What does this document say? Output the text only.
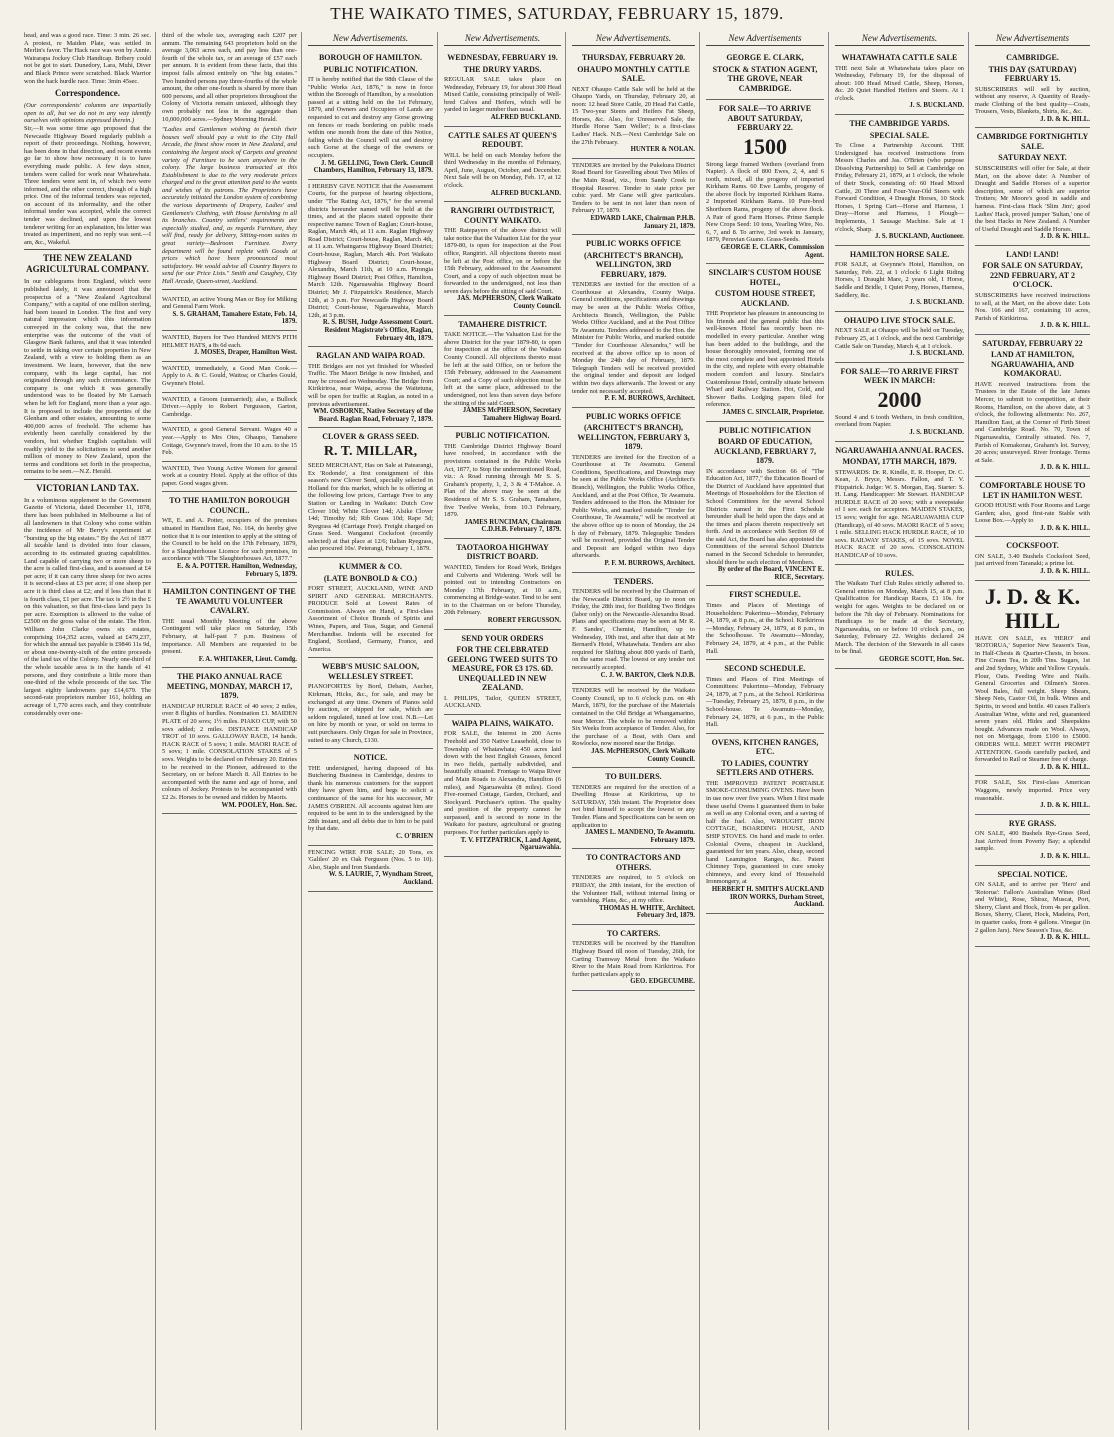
THE WAIKATO TIMES, SATURDAY, FEBRUARY 15, 1879.
head, and was a good race. Time: 3 min. 26 sec. A protest, re Maiden Plate, was settled in Merlin's favor. The Hack race was won by Annie. Wairarapa Jockey Club Handicap. Bribery could not be got to start. Dunedory, Lara, Muhi, Diver and Black Prince were scratched. Black Warrior won the hack hurdle race. Time: 3min 45sec.
Correspondence.
(Our correspondents' columns are impartially open to all, but we do not in any way identify ourselves with opinions expressed therein.)
Sir,—It was some time ago proposed that the Newcastle Highway Board regularly publish a report of their proceedings. Nothing, however, has been done in that direction, and recent events go far to show how necessary it is to have everything made public. A few days since, tenders were called for work near Whatawhata. Three tenders were sent in, of which two were informed, and the other correct, though of a high price. One of the informal tenders was rejected, on account of its informality, and the other informal tender was accepted, while the correct tender was declined, and upon the lowest tenderer writing for an explanation, his letter was treated as impertinent, and no reply was sent.—I am, &c., Wakeful.
THE NEW ZEALAND AGRICULTURAL COMPANY.
In our cablegrams from England, which were published lately, it was announced that the prospectus of a "New Zealand Agricultural Company," with a capital of one million sterling, had been issued in London. The first and very natural impression which this information conveyed in the colony was, that the new enterprise was the outcome of the visit of Glasgow Bank failures, and that it was intended to settle in taking over certain properties in New Zealand, with a view to holding them as an investment. We learn, however, that the new company, with its large capital, has not originated through any such circumstance. The company is one which it was generally understood was to be floated by Mr Larnach when he left for England, more than a year ago. It is proposed to include the properties of the Glenham and other estates, amounting to some 400,000 acres of freehold. The scheme has evidently been carefully considered by the vendors, but whether English capitalists will readily yield to the solicitations to send another million of money to New Zealand, upon the terms and conditions set forth in the prospectus, remains to be seen.—N.Z. Herald.
VICTORIAN LAND TAX.
In a voluminous supplement to the Government Gazette of Victoria, dated December 11, 1878, there has been published in Melbourne a list of all landowners in that Colony who come within the incidence of Mr Berry's experiment at "bursting up the big estates." By the Act of 1877 all taxable land is divided into four classes, according to its estimated grazing capabilities. Land capable of carrying two or more sheep to the acre is called first-class, and is assessed at £4 per acre; if it can carry three sheep for two acres it is second-class at £3 per acre; if one sheep per acre it is third class at £2; and if less than that it is fourth class, £1 per acre. The tax is 2½ in the £ on this valuation, so that first-class land pays 1s per acre. Exemption is allowed to the value of £2500 on the gross value of the estate. The Hon. William John Clarke owns six estates, comprising 164,352 acres, valued at £479,237, for which the annual tax payable is £9846 11s 9d, or about one-twenty-sixth of the entire proceeds of the land tax of the Colony. Nearly one-third of the whole taxable area is in the hands of 41 persons, and they contribute a little more than one-third of the whole proceeds of the tax. The largest eighty landowners pay £14,679. The second-rate proprietors number 161, holding an acreage of 1,770 acres each, and they contribute considerably over one-
third of the whole tax, averaging each £207 per annum. The remaining 643 proprietors hold on the average 3,063 acres each, and pay less than one-fourth of the whole tax, or an average of £57 each per annum. It is evident from these facts, that this impost falls almost entirely on "the big estates." Two hundred persons pay three-fourths of the whole amount, the other one-fourth is shared by more than 600 persons, and all other proprietors throughout the Colony of Victoria remain untaxed, although they own probably not less in the aggregate than 10,000,000 acres.—Sydney Morning Herald.
"Ladies and Gentlemen wishing to furnish their houses well should pay a visit to the City Hall Arcade, the finest show room in New Zealand, and containing the largest stock of Carpets and greatest variety of Furniture to be seen anywhere in the colony. The large business transacted at this Establishment is due to the very moderate prices charged and to the great attention paid to the wants and wishes of its patrons. The Proprietors have accurately initiated the London system of combining the various departments of Drapery, Ladies' and Gentlemen's Clothing, with House furnishing in all its branches. Country settlers' requirements are especially studied, and, as regards Furniture, they will find, ready for delivery, Sitting-room suites in great variety—Bedroom Furniture. Every department will be found replete with Goods at prices which have been pronounced most satisfactory. We would advise all Country Buyers to send for our Price Lists." Smith and Caughey, City Hall Arcade, Queen-street, Auckland.
WANTED, an active Young Man or Boy for Milking and General Farm Work.
S. S. GRAHAM, Tamahere Estate, Feb. 14, 1879.
WANTED, Buyers for Two Hundred MEN'S PITH HELMET HATS, a 8s 6d each.
J. MOSES, Draper, Hamilton West.
WANTED, immediately, a Good Man Cook.—Apply to A. & C. Gould, Waitoa; or Charles Gould, Gwynne's Hotel.
WANTED, a Groom (unmarried); also, a Bullock Driver.—Apply to Robert Fergusson, Garton, Cambridge.
WANTED, a good General Servant. Wages 40 a year.—Apply to Mrs Otes, Ohaupo, Tamahere Cottage, Gwynne's travel, from the 10 a.m. to the 15 Feb.
WANTED, Two Young Active Women for general work at a country Hotel. Apply at the office of this paper. Good wages given.
TO THE HAMILTON BOROUGH COUNCIL.
WE, E. and A. Potter, occupiers of the premises situated in Hamilton East, No. 164, do hereby give notice that it is our intention to apply at the sitting of the Council to be held on the 17th February, 1879, for a Slaughterhouse Licence for such premises, in accordance with "The Slaughterhouses Act, 1877."
E. & A. POTTER. Hamilton, Wednesday, February 5, 1879.
HAMILTON CONTINGENT OF THE TE AWAMUTU VOLUNTEER CAVALRY.
THE usual Monthly Meeting of the above Contingent will take place on Saturday, 15th February, at half-past 7 p.m. Business of importance. All Members are requested to be present.
F. A. WHITAKER, Lieut. Comdg.
THE PIAKO ANNUAL RACE MEETING, MONDAY, MARCH 17, 1879.
HANDICAP HURDLE RACE of 40 sovs; 2 miles, over 8 flights of hurdles. Nomination £1. MAIDEN PLATE of 20 sovs; 1½ miles. PIAKO CUP, with 50 sovs added; 2 miles. DISTANCE HANDICAP TROT of 10 sovs. GALLOWAY RACE, 14 hands. HACK RACE of 5 sovs; 1 mile. MAORI RACE of 5 sovs; 1 mile. CONSOLATION STAKES of 5 sovs. Weights to be declared on February 20. Entries to be received in the Pioneer, addressed to the Secretary, on or before March 8. All Entries to be accompanied with the name and age of horse, and colours of Jockey. Protests to be accompanied with £2 2s. Horses to be owned and ridden by Maoris.
WM. POOLEY, Hon. Sec.
New Advertisements.
BOROUGH OF HAMILTON.
PUBLIC NOTIFICATION.
IT is hereby notified that the 98th Clause of the "Public Works Act, 1876," is now in force within the Borough of Hamilton, by a resolution passed at a sitting held on the 1st February, 1879, and Owners and Occupiers of Lands are requested to cut and destroy any Gorse growing on fences or roads bordering on public roads within one month from the date of this Notice, failing which the Council will cut and destroy such Gorse at the charge of the owners or occupiers.
J. M. GELLING, Town Clerk. Council Chambers, Hamilton, February 13, 1879.
I HEREBY GIVE NOTICE that the Assessment Courts, for the purpose of hearing objections, under "The Rating Act, 1876," for the several districts hereunder named will be held at the times, and at the places stated opposite their respective names: Town of Raglan; Court-house, Raglan, March 4th, at 11 a.m. Raglan Highway Road District; Court-house, Raglan, March 4th, at 11 a.m. Whaingaroa Highway Board District; Court-house, Raglan, March 4th. Port Waikato Highway Board District; Court-house, Alexandra, March 11th, at 10 a.m. Pirongia Highway Board District; Post Office, Hamilton, March 12th. Ngaruawahia Highway Board District; Mr J. Fitzpatrick's Residence, March 12th, at 3 p.m. For Newcastle Highway Board District; Court-house, Ngaruawahia, March 12th, at 3 p.m.
R. S. BUSH, Judge Assessment Court. Resident Magistrate's Office, Raglan, February 4th, 1879.
RAGLAN AND WAIPA ROAD.
THE Bridges are not yet finished for Wheeled Traffic. The Maori Bridge is now finished, and may be crossed on Wednesday. The Bridge from Kirikiriroa, near Waipa, across the Waitetuna, will be open for traffic at Raglan, as noted in a previous advertisement.
WM. OSBORNE, Native Secretary of the Board. Raglan Road, February 7, 1879.
CLOVER & GRASS SEED.
R. T. MILLAR,
SEED MERCHANT, Has on Sale at Patearangi, Ex 'Rodondo', a first consignment of this season's new Clover Seed, specially selected in Holland for this market, which he is offering at the following low prices, Carriage Free to any Station or Landing in Waikato: Dutch Cow Clover 10d; White Clover 14d; Alsike Clover 14d; Timothy 6d; Rib Grass 10d; Rape 5d; Ryegrass 4d (Carriage Free). Freight charged on Grass Seed. Wanganui Cocksfoot (recently selected) at that place at 12/6; Italian Ryegrass, also procured 10s/. Peterangi, February 1, 1879.
KUMMER & CO.
(LATE BONBOLD & CO.)
FORT STREET, AUCKLAND, WINE AND SPIRIT AND GENERAL MERCHANTS. PRODUCE Sold at Lowest Rates of Commission. Always on Hand, a First-class Assortment of Choice Brands of Spirits and Wines, Papers, and Teas, Sugar, and General Merchandise. Indents will be executed for England, Scotland, Germany, France, and America.
WEBB'S MUSIC SALOON, WELLESLEY STREET.
PIANOFORTES by Bord, Debain, Aucher, Kirkman, Hicks, &c., for sale, and may be exchanged at any time. Owners of Pianos sold by auction, or shipped for sale, which are seldom regulated, tuned at low cost. N.B.—Let on hire by month or year, or sold on terms to suit purchasers. Only Organ for sale in Province, suited to any Church, £130.
NOTICE.
THE undersigned, having disposed of his Butchering Business in Cambridge, desires to thank his numerous customers for the support they have given him, and begs to solicit a continuance of the same for his successor, Mr JAMES O'BRIEN. All accounts against him are required to be sent in to the undersigned by the 28th instant, and all debts due to him to be paid by that date.
C. O'BRIEN
FENCING WIRE FOR SALE; 20 Tons, ex 'Galileo' 20 ex Oak Ferguson (Nos. 5 to 10). Also, Staple and Iron Standards.
W. S. LAURIE, 7, Wyndham Street, Auckland.
New Advertisements.
WEDNESDAY, FEBRUARY 19.
THE DRURY YARDS.
REGULAR SALE takes place on Wednesday, February 19, for about 300 Head Mixed Cattle, consisting principally of Well-bred Calves and Heifers, which will be yarded in larger number than usual.
ALFRED BUCKLAND.
CATTLE SALES AT QUEEN'S REDOUBT.
WILL be held on each Monday before the third Wednesday in the months of February, April, June, August, October, and December. Next Sale will be on Monday, Feb. 17, at 12 o'clock.
ALFRED BUCKLAND.
RANGIRIRI OUTDISTRICT, COUNTY WAIKATO.
THE Ratepayers of the above district will take notice that the Valuation List for the year 1879-80, is open for inspection at the Post office, Rangiriri. All objections thereto must be left at the Post office, on or before the 15th February, addressed to the Assessment Court, and a copy of such objection must be forwarded to the undersigned, not less than seven days before the sitting of said Court.
JAS. McPHERSON, Clerk Waikato County Council.
TAMAHERE DISTRICT.
TAKE NOTICE.—The Valuation List for the above District for the year 1879-80, is open for inspection at the office of the Waikato County Council. All objections thereto must be left at the said Office, on or before the 15th February, addressed to the Assessment Court; and a Copy of such objection must be left at the same place, addressed to the undersigned, not less than seven days before the sitting of the said Court.
JAMES McPHERSON, Secretary Tamahere Highway Board.
PUBLIC NOTIFICATION.
THE Cambridge District Highway Board have resolved, in accordance with the provisions contained in the Public Works Act, 1877, to Stop the undermentioned Road, viz.: A Road running through Mr S. S. Graham's property, 1, 2, 3 & 4 T-Mahoe. A Plan of the above may be seen at the Residence of Mr S. S. Graham, Tamahere, five Twelve Weeks, from 10.3 February, 1879.
JAMES RUNCIMAN, Chairman C.D.H.B. February 7, 1879.
TAOTAOROA HIGHWAY DISTRICT BOARD.
WANTED, Tenders for Road Work, Bridges and Culverts and Widening. Work will be pointed out to intending Contractors on Monday 17th February, at 10 a.m., commencing at Bridge-water. Tend to be sent in to the Chairman on or before Thursday, 20th February.
ROBERT FERGUSSON.
SEND YOUR ORDERS
FOR THE CELEBRATED GEELONG TWEED SUITS TO MEASURE, FOR £3 17S. 6D. UNEQUALLED IN NEW ZEALAND.
I. PHILIPS, Tailor, QUEEN STREET, AUCKLAND.
WAIPA PLAINS, WAIKATO.
FOR SALE, the Interest in 200 Acres Freehold and 350 Native Leasehold, close to Township of Whatawhata; 450 acres laid down with the best English Grasses, fenced in two fields, partially subdivided, and beautifully situated. Frontage to Waipa River and Main Roads to Alexandra, Hamilton (6 miles), and Ngaruawahia (8 miles). Good Five-roomed Cottage, Garden, Orchard, and Stockyard. Purchaser's option. The quality and position of the property cannot be surpassed, and is second to none in the Waikato for pasture, agricultural or grazing purposes. For further particulars apply to
T. V. FITZPATRICK, Land Agent, Ngaruawahia.
New Advertisements.
THURSDAY, FEBRUARY 20.
OHAUPO MONTHLY CATTLE SALE.
NEXT Ohaupo Cattle Sale will be held at the Ohaupo Yards, on Thursday, February 20, at noon: 12 head Store Cattle, 20 Head Fat Cattle, 15 Two-year Steers and Heifers Fat Sheep, Horses, &c. Also, for Unreserved Sale, the Hurdle Horse 'Sam Weller'; is a first-class Ladies' Hack. N.B.—Next Cambridge Sale on the 27th February.
HUNTER & NOLAN.
TENDERS are invited by the Pukekura District Road Board for Gravelling about Two Miles of the Main Road, viz., from Sandy Creek to Hospital Reserve. Tender to state price per cubic yard. Mr Gane will give particulars. Tenders to be sent in not later than noon of February 17, 1879.
EDWARD LAKE, Chairman P.H.B. January 21, 1879.
PUBLIC WORKS OFFICE
(ARCHITECT'S BRANCH), WELLINGTON, 3RD FEBRUARY, 1879.
TENDERS are invited for the erection of a Courthouse at Alexandra, County Waipa. General conditions, specifications and drawings may be seen at the Public Works Office, Architects Branch, Wellington, the Public Works Office Auckland, and at the Post Office Te Awamutu. Tenders addressed to the Hon. the Minister for Public Works, and marked outside "Tender for Courthouse Alexandra," will be received at the above office up to noon of Monday the 24th day of February, 1879. Telegraph Tenders will be received provided the original tender and deposit are lodged within two days afterwards. The lowest or any tender not necessarily accepted.
P. F. M. BURROWS, Architect.
PUBLIC WORKS OFFICE
(ARCHITECT'S BRANCH), WELLINGTON, FEBRUARY 3, 1879.
TENDERS are invited for the Erection of a Courthouse at Te Awamutu. General Conditions, Specifications, and Drawings may be seen at the Public Works Office (Architect's Branch), Wellington, the Public Works Office, Auckland, and at the Post Office, Te Awamutu. Tenders addressed to the Hon. the Minister for Public Works, and marked outside "Tender for Courthouse, Te Awamutu," will be received at the above office up to noon of Monday, the 24 h day of February, 1879. Telegraphic Tenders will be received, provided the Original Tender and Deposit are lodged within two days afterwards.
P. F. M. BURROWS, Architect.
TENDERS.
TENDERS will be received by the Chairman of the Newcastle District Board, up to noon on Friday, the 28th inst, for Building Two Bridges (labor only) on the Newcastle-Alexandra Road. Plans and specifications may be seen at Mr R. F. Sandes', Chemist, Hamilton, up to Wednesday, 19th inst, and after that date at Mr Bernard's Hotel, Whatawhata. Tenders are also required for Shifting about 800 yards of Earth, on the same road. The lowest or any tender not necessarily accepted.
C. J. W. BARTON, Clerk N.D.B.
TENDERS will be received by the Waikato County Council, up to 6 o'clock p.m. on 4th March, 1879, for the purchase of the Materials contained in the Old Bridge at Whangamarino, near Mercer. The whole to be removed within Six Weeks from acceptance of Tender. Also, for the purchase of a Boat, with Oars and Rowlocks, now moored near the Bridge.
JAS. McPHERSON, Clerk Waikato County Council.
TO BUILDERS.
TENDERS are required for the erection of a Dwelling House at Kirikiriroa, up to SATURDAY, 15th instant. The Proprietor does not bind himself to accept the lowest or any Tender. Plans and Specifications can be seen on application to
JAMES L. MANDENO, Te Awamutu. February 1879.
TO CONTRACTORS AND OTHERS.
TENDERS are required, to 5 o'clock on FRIDAY, the 28th instant, for the erection of the Volunteer Hall, without internal lining or varnishing. Plans, &c., at my office.
THOMAS H. WHITE, Architect. February 3rd, 1879.
TO CARTERS.
TENDERS will be received by the Hamilton Highway Board till noon of Tuesday, 26th, for Carting Tramway Metal from the Waikato River to the Main Road from Kirikiriroa. For further particulars apply to
GEO. EDGECUMBE.
New Advertisements
GEORGE E. CLARK,
STOCK & STATION AGENT, THE GROVE, NEAR CAMBRIDGE.
FOR SALE—TO ARRIVE ABOUT SATURDAY, FEBRUARY 22.
1500
Strong large framed Wethers (overland from Napier). A flock of 800 Ewes, 2, 4, and 6 tooth, mixed, all the progeny of imported Kirkham Rams. 60 Ewe Lambs, progeny of the above flock by imported Kirkham Rams. 2 Imported Kirkham Rams. 10 Pure-bred Shorthorn Rams, progeny of the above flock. A Pair of good Farm Horses. Prime Sample New Crops Seed: 10 tons, Yearling Wire, No. 6, 7, and 8. To arrive, 3rd week in January, 1879, Peruvian Guano. Grass-Seeds.
GEORGE E. CLARK, Commission Agent.
SINCLAIR'S CUSTOM HOUSE HOTEL,
CUSTOM HOUSE STREET, AUCKLAND.
THE Proprietor has pleasure in announcing to his friends and the general public that this well-known Hotel has recently been re-modelled in every particular. Another wing has been added to the buildings, and the house thoroughly renovated, forming one of the most complete and best appointed Hotels in the city, and replete with every obtainable modern comfort and luxury. Sinclair's Customhouse Hotel, centrally situate between Wharf and Railway Station. Hot, Cold, and Shower Baths. Lodging papers filed for reference.
JAMES C. SINCLAIR, Proprietor.
PUBLIC NOTIFICATION
BOARD OF EDUCATION, AUCKLAND, FEBRUARY 7, 1879.
IN accordance with Section 66 of "The Education Act, 1877," the Education Board of the District of Auckland have appointed that Meetings of Householders for the Election of School Committees for the several School Districts named in the First Schedule hereunder shall be held upon the days and at the times and places therein respectively set forth. And in accordance with Section 69 of the said Act, the Board has also appointed the Committees of the several School Districts named in the Second Schedule to hereunder, should there be such election of Members.
By order of the Board, VINCENT E. RICE, Secretary.
FIRST SCHEDULE.
Times and Places of Meetings of Householders: Pukerimu—Monday, February 24, 1879, at 8 p.m., at the School. Kirikiriroa—Monday, February 24, 1879, at 8 p.m., in the Schoolhouse. Te Awamutu—Monday, February 24, 1879, at 4 p.m., at the Public Hall.
SECOND SCHEDULE.
Times and Places of First Meetings of Committees: Pukerimu—Monday, February 24, 1879, at 7 p.m., at the School. Kirikiriroa—Tuesday, February 25, 1879, 8 p.m., in the School-house. Te Awamutu—Monday, February 24, 1879, at 6 p.m., in the Public Hall.
OVENS, KITCHEN RANGES, ETC.
TO LADIES, COUNTRY SETTLERS AND OTHERS.
THE IMPROVED PATENT PORTABLE SMOKE-CONSUMING OVENS. Have been in use now over five years. When I first made these useful Ovens I guaranteed them to bake as well as any Colonial oven, and a saving of half the fuel. Also, WROUGHT IRON COTTAGE, BOARDING HOUSE, AND SHIP STOVES. On hand and made to order. Colonial Ovens, cheapest in Auckland, guaranteed for ten years. Also, cheap, second hand Leamington Ranges, &c. Patent Chimney Tops, guaranteed to cure smoky chimneys, and every kind of Household Ironmongery, at
HERBERT H. SMITH'S AUCKLAND IRON WORKS, Durham Street, Auckland.
New Advertisements.
WHATAWHATA CATTLE SALE
THE next Sale at Whatawhata takes place on Wednesday, February 19, for the disposal of about: 100 Head Mixed Cattle, Sheep, Horses, &c. 20 Quiet Handfed Heifers and Steers. At 1 o'clock.
J. S. BUCKLAND.
THE CAMBRIDGE YARDS.
SPECIAL SALE.
To Close a Partnership Account. THE Undersigned has received instructions from Messrs Charles and Jas. O'Brien (who purpose Dissolving Partnership) to Sell at Cambridge on Friday, February 21, 1879, at 1 o'clock, the whole of their Stock, consisting of: 60 Head Mixed Cattle, 20 Three and Four-Year-Old Steers with Forward Condition, 4 Draught Horses, 10 Stock Horses, 1 Spring Cart—Horse and Harness, 1 Dray—Horse and Harness, 1 Plough—Implements, 1 Sausage Machine. Sale at 1 o'clock, Sharp.
J. S. BUCKLAND, Auctioneer.
HAMILTON HORSE SALE.
FOR SALE, at Gwynne's Hotel, Hamilton, on Saturday, Feb. 22, at 1 o'clock: 6 Light Riding Horses, 1 Draught Mare, 2 years old, 1 Horse, Saddle and Bridle, 1 Quiet Pony, Horses, Harness, Saddlery, &c.
J. S. BUCKLAND.
OHAUPO LIVE STOCK SALE.
NEXT SALE at Ohaupo will be held on Tuesday, February 25, at 1 o'clock, and the next Cambridge Cattle Sale on Tuesday, March 4, at 1 o'clock.
J. S. BUCKLAND.
FOR SALE—TO ARRIVE FIRST WEEK IN MARCH:
2000
Sound 4 and 6 tooth Wethers, in fresh condition, overland from Napier.
J. S. BUCKLAND.
NGARUAWAHIA ANNUAL RACES.
MONDAY, 17TH MARCH, 1879.
STEWARDS: Dr. R. Kindle, E. R. Hooper, Dr. C. Kean, J. Bryce, Messrs. Fallon, and T. V. Fitzpatrick. Judge: W. S. Morgan, Esq. Starter: S. H. Lang. Handicapper: Mr Stewart. HANDICAP HURDLE RACE of 20 sovs; with a sweepstake of 1 sov. each for acceptors. MAIDEN STAKES, 15 sovs; weight for age. NGARUAWAHIA CUP (Handicap), of 40 sovs. MAORI RACE of 5 sovs; 1 mile. SELLING HACK HURDLE RACE, of 10 sovs. RAILWAY STAKES, of 15 sovs. NOVEL HACK RACE of 20 sovs. CONSOLATION HANDICAP of 10 sovs.
RULES.
The Waikato Turf Club Rules strictly adhered to. General entries on Monday, March 15, at 8 p.m. Qualification for Handicap Races, £1 10s. for weight for ages. Weights to be declared on or before the 7th day of February. Nominations for Handicaps to be made at the Secretary, Ngaruawahia, on or before 10 o'clock p.m., on Saturday, February 22. Weights declared 24 March. The decision of the Stewards in all cases to be final.
GEORGE SCOTT, Hon. Sec.
New Advertisements
CAMBRIDGE.
THIS DAY (SATURDAY) FEBRUARY 15.
SUBSCRIBERS will sell by auction, without any reserve, A Quantity of Ready-made Clothing of the best quality—Coats, Trousers, Vests, Blankets, Shirts, &c., &c.
J. D. & K. HILL.
CAMBRIDGE FORTNIGHTLY SALE.
SATURDAY NEXT.
SUBSCRIBERS will offer for Sale, at their Mart, on the above date: A Number of Draught and Saddle Horses of a superior description, some of which are superior Trotters; Mr Moore's good in saddle and harness. First-class Hack 'Slim Jim'; good Ladies' Hack, proved jumper 'Sultan,' one of the best Hacks in New Zealand. A Number of Useful Draught and Saddle Horses.
J. D. & K. HILL.
LAND! LAND!
FOR SALE ON SATURDAY, 22ND FEBRUARY, AT 2 O'CLOCK.
SUBSCRIBERS have received instructions to sell, at the Mart, on the above date: Lots Nos. 166 and 167, containing 10 acres, Parish of Kirikiriroa.
J. D. & K. HILL.
SATURDAY, FEBRUARY 22
LAND AT HAMILTON, NGARUAWAHIA, AND KOMAKORAU.
HAVE received instructions from the Trustees in the Estate of the late James Mercer, to submit to competition, at their Rooms, Hamilton, on the above date, at 3 o'clock, the following allotments: No. 267, Hamilton East, at the Corner of Firth Street and Cambridge Road. No. 70, Town of Ngaruawahia, Centrally situated. No. 7, Parish of Komakorau, Graham's lot. Survey, 20 acres; unsurveyed. River frontage. Terms at Sale.
J. D. & K. HILL.
COMFORTABLE HOUSE TO LET IN HAMILTON WEST.
GOOD HOUSE with Four Rooms and Large Garden; also, good first-rate Stable with Loose Box.—Apply to
J. D. & K. HILL.
COCKSFOOT.
ON SALE, 3.40 Bushels Cocksfoot Seed, just arrived from Taranaki; a prime lot.
J. D. & K. HILL.
J. D. & K. HILL
HAVE ON SALE, ex 'HERO' and 'ROTORUA,' Superior New Season's Teas, in Half-Chests & Quarter-Chests, in boxes. Fine Cream Tea, in 20lb Tins. Sugars, 1st and 2nd Sydney, White and Yellow Crystals. Flour, Oats. Feeding Wire and Nails. General Groceries and Oilmen's Stores. Wool Bales, full weight. Sheep Shears, Sheep Nets, Castor Oil, in bulk. Wines and Spirits, in wood and bottle. 40 cases Fallon's Australian Wine, white and red, guaranteed seven years old. Hides and Sheepskins bought. Advances made on Wool. Always, not on Mortgage, from £100 to £5000. ORDERS WILL MEET WITH PROMPT ATTENTION. Goods carefully packed, and forwarded to Rail or Steamer free of charge.
J. D. & K. HILL.
FOR SALE, Six First-class American Waggons, newly imported. Price very reasonable.
J. D. & K. HILL.
RYE GRASS.
ON SALE, 400 Bushels Rye-Grass Seed, Just Arrived from Poverty Bay; a splendid sample.
J. D. & K. HILL.
SPECIAL NOTICE.
ON SALE, and to arrive per 'Hero' and 'Rotorua': Fallon's Australian Wines (Red and White), Rose, Shiraz, Muscat, Port, Sherry, Claret and Hock, from 4s per gallon. Boxes, Sherry, Claret, Hock, Madeira, Port, in quarter casks, from 4 gallons. Vinegar (in 2 gallon Jars). New Season's Teas, &c.
J. D. & K. HILL.
